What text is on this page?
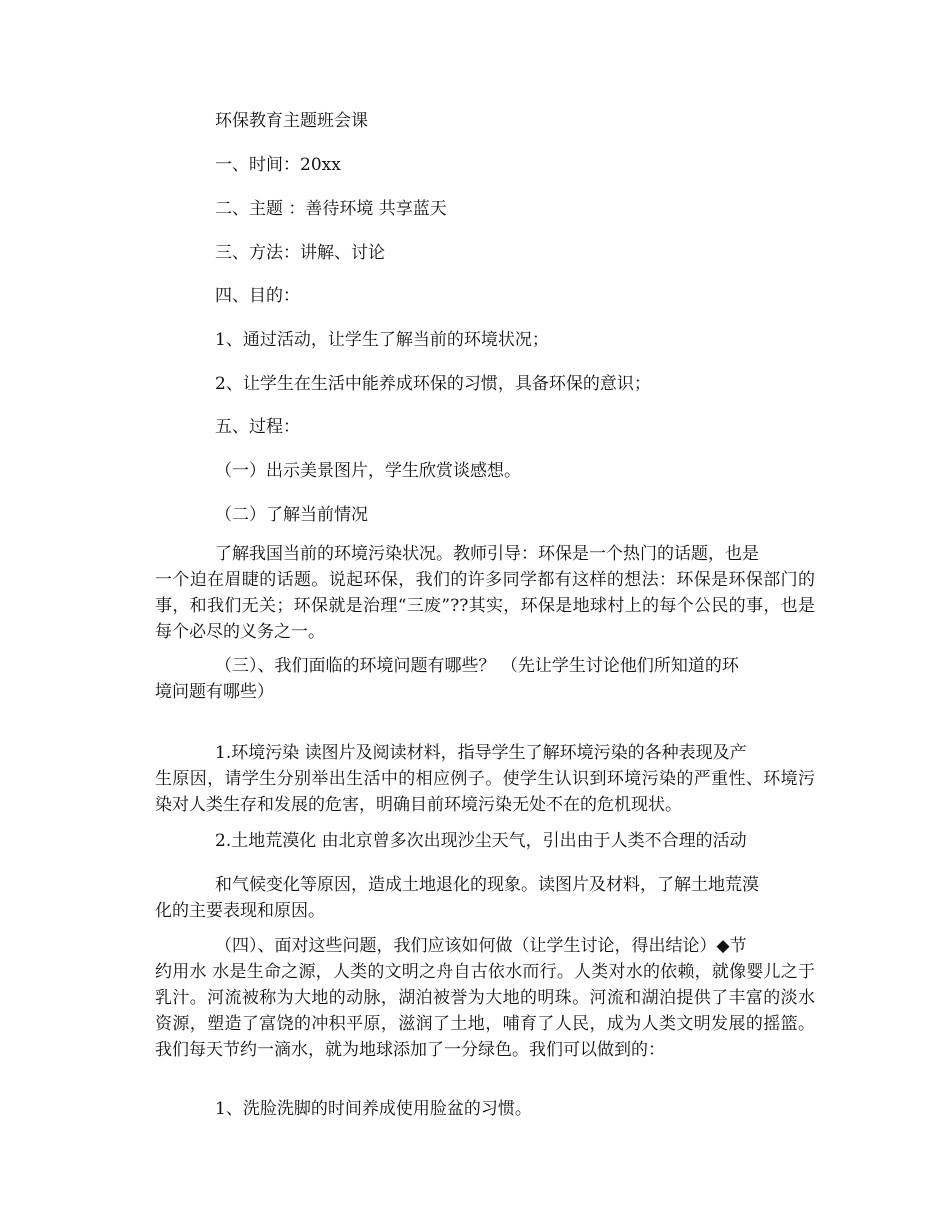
环保教育主题班会课

一、时间：20xx

二、主题 ：善待环境 共享蓝天

三、方法：讲解、讨论

四、目的：

1、通过活动，让学生了解当前的环境状况；

2、让学生在生活中能养成环保的习惯，具备环保的意识；

五、过程：

（一）出示美景图片，学生欣赏谈感想。

（二）了解当前情况

了解我国当前的环境污染状况。教师引导：环保是一个热门的话题，也是

一个迫在眉睫的话题。说起环保，我们的许多同学都有这样的想法：环保是环保部门的事，和我们无关；环保就是治理“三废”??其实，环保是地球村上的每个公民的事，也是每个必尽的义务之一。

（三）、我们面临的环境问题有哪些？ （先让学生讨论他们所知道的环

境问题有哪些）

1.环境污染 读图片及阅读材料，指导学生了解环境污染的各种表现及产

生原因，请学生分别举出生活中的相应例子。使学生认识到环境污染的严重性、环境污染对人类生存和发展的危害，明确目前环境污染无处不在的危机现状。

2.土地荒漠化 由北京曾多次出现沙尘天气，引出由于人类不合理的活动

和气候变化等原因，造成土地退化的现象。读图片及材料，了解土地荒漠

化的主要表现和原因。

（四）、面对这些问题，我们应该如何做（让学生讨论，得出结论）◆节

约用水 水是生命之源，人类的文明之舟自古依水而行。人类对水的依赖，就像婴儿之于乳汁。河流被称为大地的动脉，湖泊被誉为大地的明珠。河流和湖泊提供了丰富的淡水资源，塑造了富饶的冲积平原，滋润了土地，哺育了人民，成为人类文明发展的摇篮。我们每天节约一滴水，就为地球添加了一分绿色。我们可以做到的：

1、洗脸洗脚的时间养成使用脸盆的习惯。
